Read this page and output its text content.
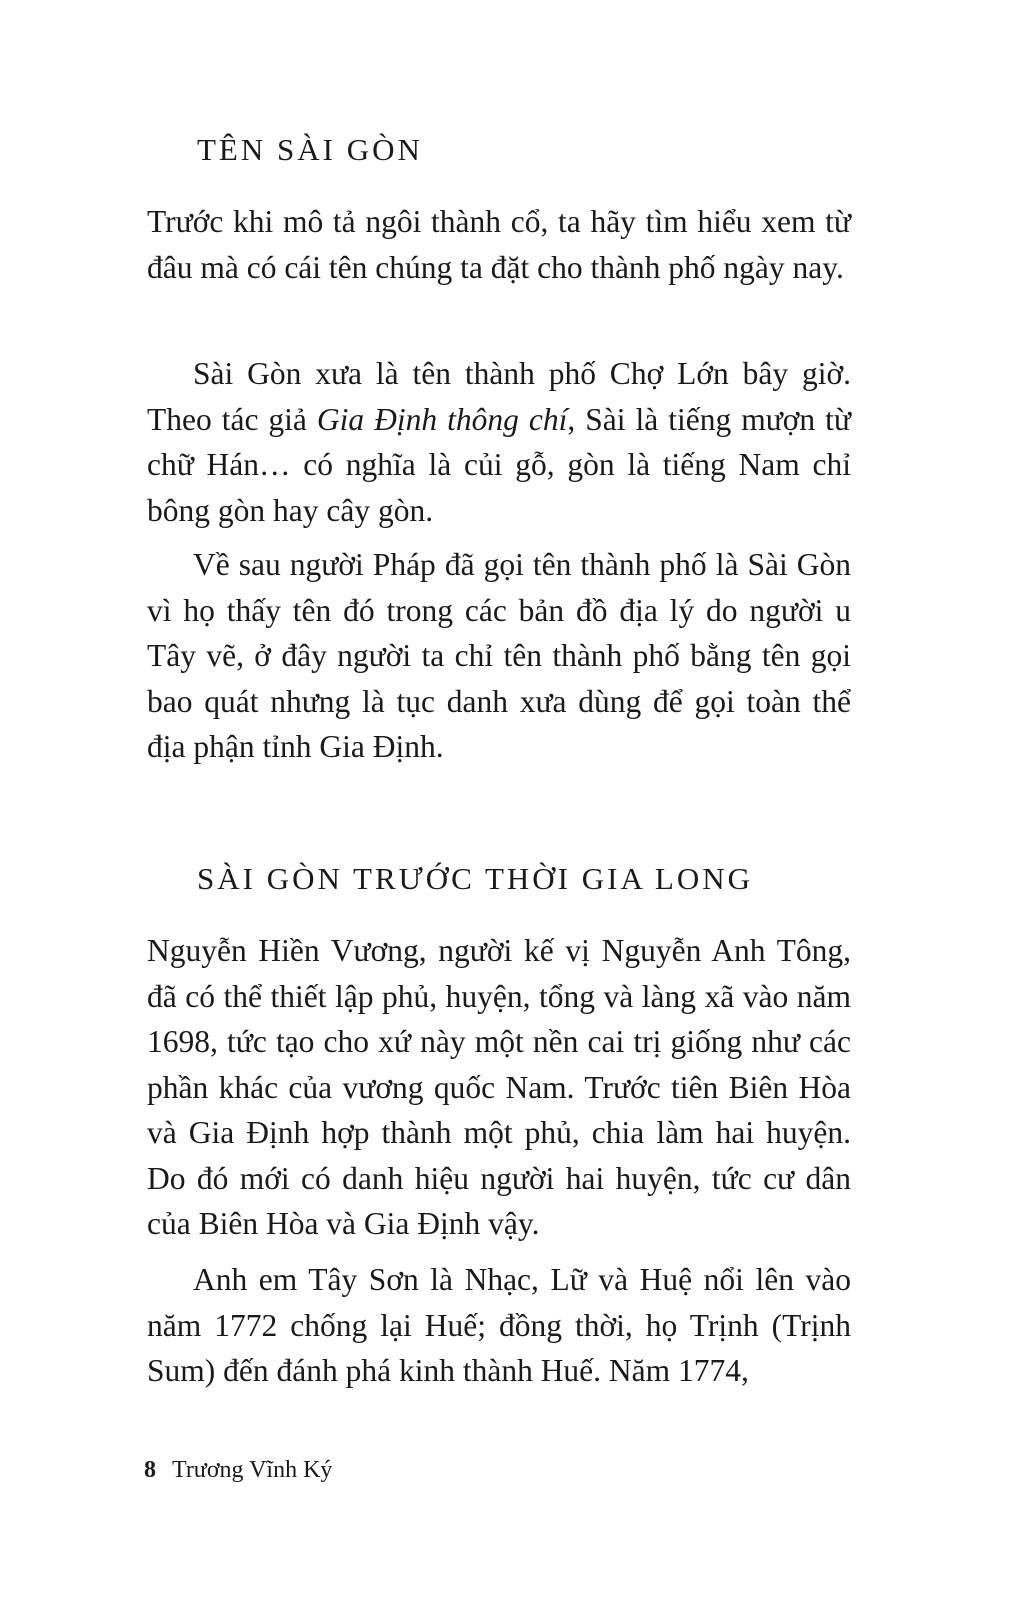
TÊN SÀI GÒN

Trước khi mô tả ngôi thành cổ, ta hãy tìm hiểu xem từ đâu mà có cái tên chúng ta đặt cho thành phố ngày nay.

Sài Gòn xưa là tên thành phố Chợ Lớn bây giờ. Theo tác giả Gia Định thông chí, Sài là tiếng mượn từ chữ Hán… có nghĩa là củi gỗ, gòn là tiếng Nam chỉ bông gòn hay cây gòn.

Về sau người Pháp đã gọi tên thành phố là Sài Gòn vì họ thấy tên đó trong các bản đồ địa lý do người u Tây vẽ, ở đây người ta chỉ tên thành phố bằng tên gọi bao quát nhưng là tục danh xưa dùng để gọi toàn thể địa phận tỉnh Gia Định.

SÀI GÒN TRƯỚC THỜI GIA LONG

Nguyễn Hiền Vương, người kế vị Nguyễn Anh Tông, đã có thể thiết lập phủ, huyện, tổng và làng xã vào năm 1698, tức tạo cho xứ này một nền cai trị giống như các phần khác của vương quốc Nam. Trước tiên Biên Hòa và Gia Định hợp thành một phủ, chia làm hai huyện. Do đó mới có danh hiệu người hai huyện, tức cư dân của Biên Hòa và Gia Định vậy.

Anh em Tây Sơn là Nhạc, Lữ và Huệ nổi lên vào năm 1772 chống lại Huế; đồng thời, họ Trịnh (Trịnh Sum) đến đánh phá kinh thành Huế. Năm 1774,

8 Trương Vĩnh Ký
